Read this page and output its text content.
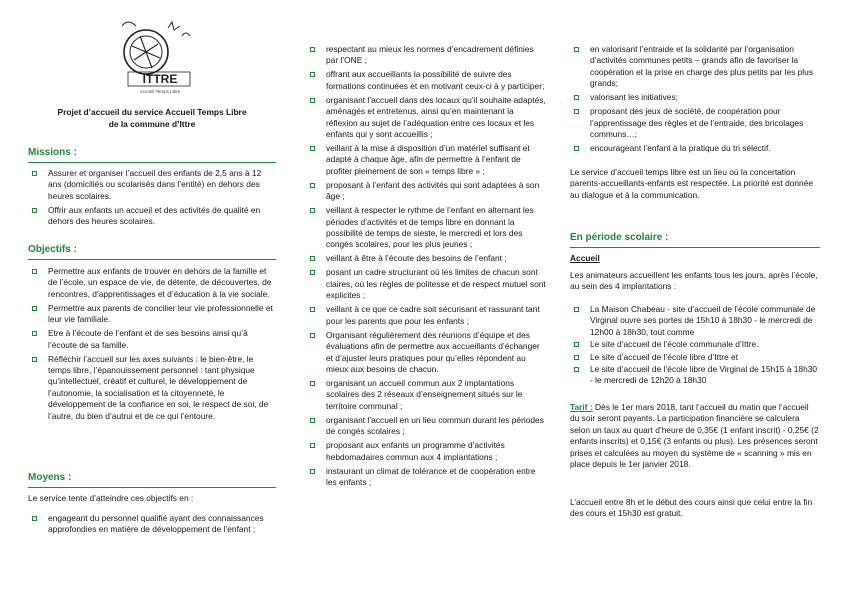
ITTRE
Accueil Temps Libre
Projet d’accueil du service Accueil Temps Libre
de la commune d’Ittre
Missions :
Assurer et organiser l’accueil des enfants de 2,5 ans à 12 ans (domiciliés ou scolarisés dans l’entité) en dehors des heures scolaires.
Offrir aux enfants un accueil et des activités de qualité en dehors des heures scolaires.
Objectifs :
Permettre aux enfants de trouver en dehors de la famille et de l’école, un espace de vie, de détente, de découvertes, de rencontres, d’apprentissages et d’éducation à la vie sociale.
Permettre aux parents de concilier leur vie professionnelle et leur vie familiale.
Etre à l’écoute de l’enfant et de ses besoins ainsi qu’à l’écoute de sa famille.
Réfléchir l’accueil sur les axes suivants : le bien-être, le temps libre, l’épanouissement personnel : tant physique qu’intellectuel, créatif et culturel, le développement de l’autonomie, la socialisation et la citoyenneté, le développement de la confiance en soi, le respect de soi, de l’autre, du bien d’autrui et de ce qui l’entoure.
Moyens :

Le service tente d’atteindre ces objectifs en :

engageant du personnel qualifié ayant des connaissances approfondies en matière de développement de l’enfant ;
respectant au mieux les normes d’encadrement définies par l’ONE ;
offrant aux accueillants la possibilité de suivre des formations continuées et en motivant ceux-ci à y participer;
organisant l’accueil dans des locaux qu’il souhaite adaptés, aménagés et entretenus, ainsi qu’en maintenant la réflexion au sujet de l’adéquation entre ces locaux et les enfants qui y sont accueillis ;
veillant à la mise à disposition d’un matériel suffisant et adapté à chaque âge, afin de permettre à l’enfant de profiter pleinement de son « temps libre » ;
proposant à l’enfant des activités qui sont adaptées à son âge ;
veillant à respecter le rythme de l’enfant en alternant les périodes d’activités et de temps libre en donnant la possibilité de temps de sieste, le mercredi et lors des congés scolaires, pour les plus jeunes ;
veillant à être à l’écoute des besoins de l’enfant ;
posant un cadre structurant où les limites de chacun sont claires, où les règles de politesse et de respect mutuel sont explicites ;
veillant à ce que ce cadre soit sécurisant et rassurant tant pour les parents que pour les enfants ;
Organisant régulièrement des réunions d’équipe et des évaluations afin de permettre aux accueillants d’échanger et d’ajuster leurs pratiques pour qu’elles répondent au mieux aux besoins de chacun.
organisant un accueil commun aux 2 implantations scolaires des 2 réseaux d’enseignement situés sur le territoire communal ;
organisant l’accueil en un lieu commun durant les périodes de congés scolaires ;
proposant aux enfants un programme d’activités hebdomadaires commun aux 4 implantations ;
instaurant un climat de tolérance et de coopération entre les enfants ;
en valorisant l’entraide et la solidarité par l’organisation d’activités communes petits – grands afin de favoriser la coopération et la prise en charge des plus petits par les plus grands;
valorisant les initiatives;
proposant des jeux de société, de coopération pour l’apprentissage des règles et de l’entraide, des bricolages communs…;
encourageant l’enfant à la pratique du tri sélectif.

Le service d’accueil temps libre est un lieu où la concertation parents-accueillants-enfants est respectée. La priorité est donnée au dialogue et à la communication.

En période scolaire :
Accueil

Les animateurs accueillent les enfants tous les jours, après l’école, au sein des 4 implantations :

La Maison Chabeau - site d’accueil de l’école communale de Virginal ouvre ses portes de 15h10 à 18h30 - le mercredi de 12h00 à 18h30, tout comme
Le site d’accueil de l’école communale d’Ittre.
Le site d’accueil de l’école libre d’Ittre et
Le site d’accueil de l’école libre de Virginal de 15h15 à 18h30 - le mercredi de 12h20 à 18h30

Tarif : Dès le 1er mars 2018, tant l’accueil du matin que l’accueil du soir seront payants. La participation financière se calculera selon un taux au quart d’heure de 0,35€ (1 enfant inscrit) - 0,25€ (2 enfants inscrits) et 0,15€ (3 enfants ou plus). Les présences seront prises et calculées au moyen du système de « scanning » mis en place depuis le 1er janvier 2018.

L’accueil entre 8h et le début des cours ainsi que celui entre la fin des cours et 15h30 est gratuit.
